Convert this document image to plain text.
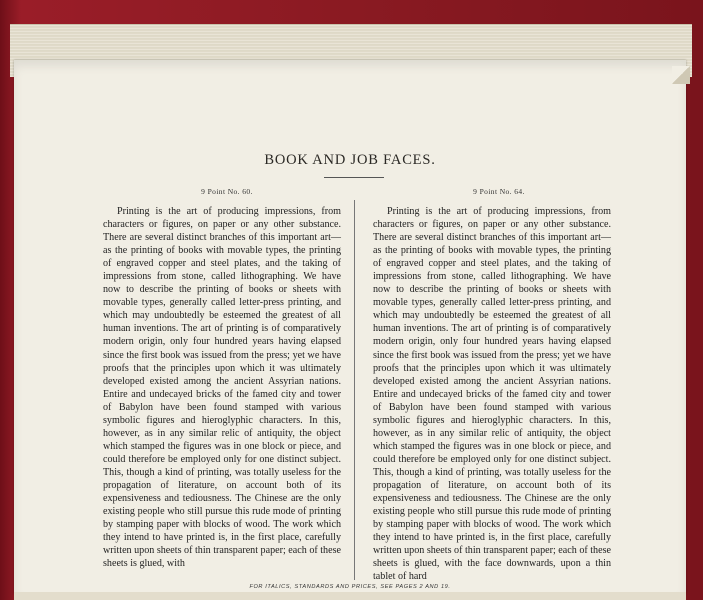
BOOK AND JOB FACES.
9 Point No. 60.	9 Point No. 64.

Printing is the art of producing impressions, from characters or figures, on paper or any other substance. There are several distinct branches of this important art—as the printing of books with movable types, the printing of engraved copper and steel plates, and the taking of impressions from stone, called lithographing. We have now to describe the printing of books or sheets with movable types, generally called letter-press printing, and which may undoubtedly be esteemed the greatest of all human inventions. The art of printing is of comparatively modern origin, only four hundred years having elapsed since the first book was issued from the press; yet we have proofs that the principles upon which it was ultimately developed existed among the ancient Assyrian nations. Entire and undecayed bricks of the famed city and tower of Babylon have been found stamped with various symbolic figures and hieroglyphic characters. In this, however, as in any similar relic of antiquity, the object which stamped the figures was in one block or piece, and could therefore be employed only for one distinct subject. This, though a kind of printing, was totally useless for the propagation of literature, on account both of its expensiveness and tediousness. The Chinese are the only existing people who still pursue this rude mode of printing by stamping paper with blocks of wood. The work which they intend to have printed is, in the first place, carefully written upon sheets of thin transparent paper; each of these sheets is glued, with

Printing is the art of producing impressions, from characters or figures, on paper or any other substance. There are several distinct branches of this important art—as the printing of books with movable types, the printing of engraved copper and steel plates, and the taking of impressions from stone, called lithographing. We have now to describe the printing of books or sheets with movable types, generally called letter-press printing, and which may undoubtedly be esteemed the greatest of all human inventions. The art of printing is of comparatively modern origin, only four hundred years having elapsed since the first book was issued from the press; yet we have proofs that the principles upon which it was ultimately developed existed among the ancient Assyrian nations. Entire and undecayed bricks of the famed city and tower of Babylon have been found stamped with various symbolic figures and hieroglyphic characters. In this, however, as in any similar relic of antiquity, the object which stamped the figures was in one block or piece, and could therefore be employed only for one distinct subject. This, though a kind of printing, was totally useless for the propagation of literature, on account both of its expensiveness and tediousness. The Chinese are the only existing people who still pursue this rude mode of printing by stamping paper with blocks of wood. The work which they intend to have printed is, in the first place, carefully written upon sheets of thin transparent paper; each of these sheets is glued, with the face downwards, upon a thin tablet of hard

FOR ITALICS, STANDARDS AND PRICES, SEE PAGES 2 AND 19.
